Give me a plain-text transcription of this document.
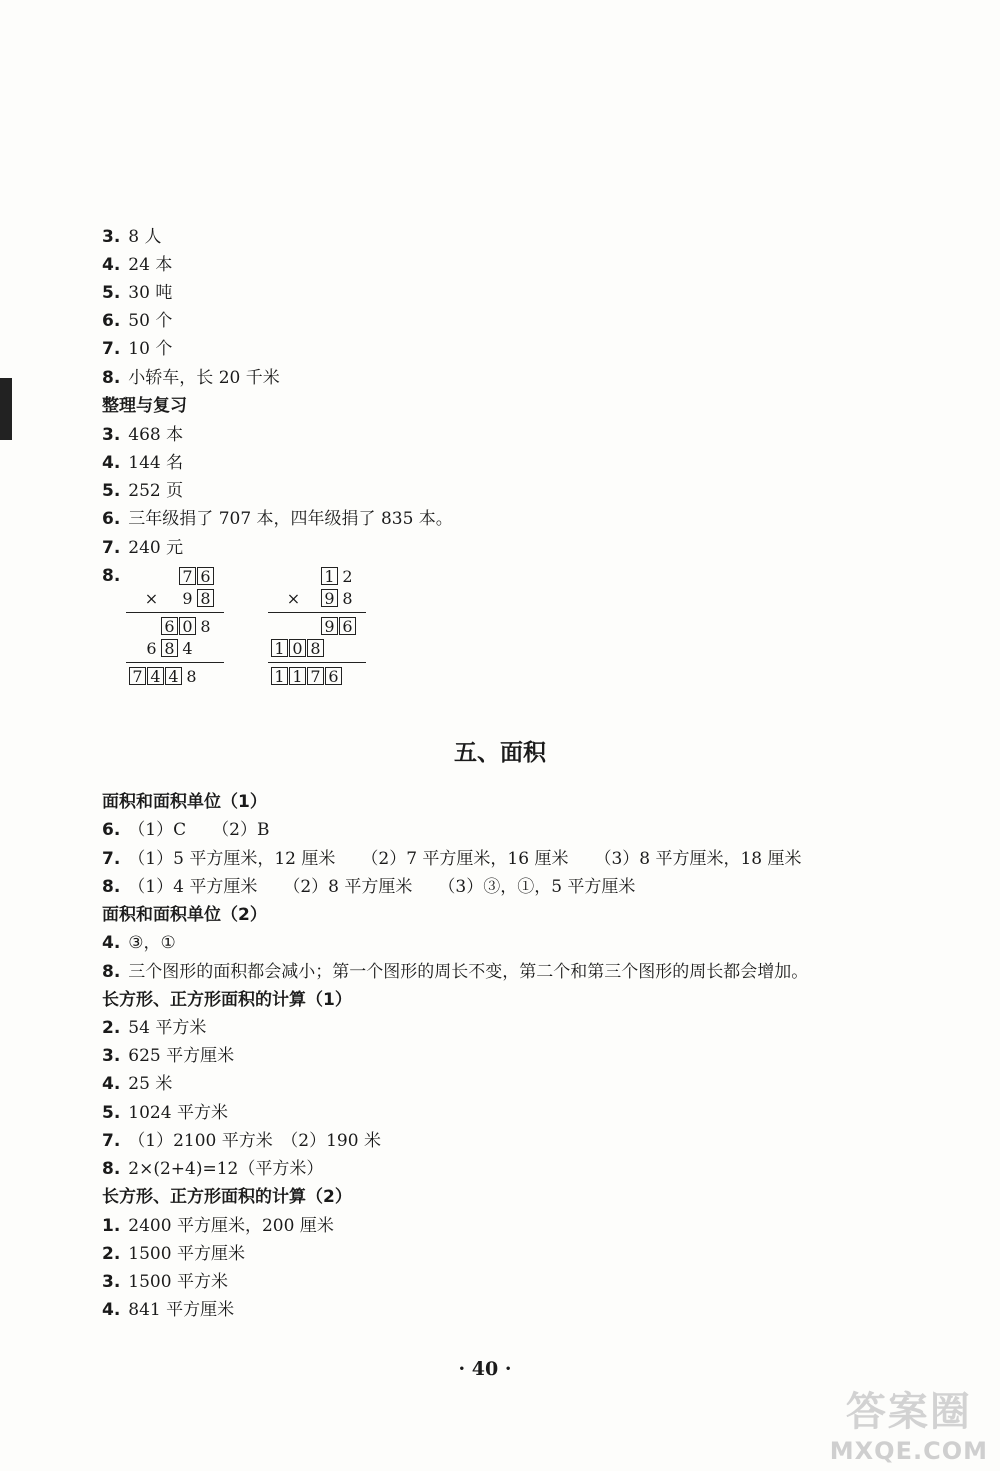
3. 8 人
4. 24 本
5. 30 吨
6. 50 个
7. 10 个
8. 小轿车，长 20 千米
整理与复习
3. 468 本
4. 144 名
5. 252 页
6. 三年级捐了 707 本，四年级捐了 835 本。
7. 240 元
8.	7 6
× 9 8
6 0 8
6 8 4
7 4 4 8
1 2
× 9 8
9 6
1 0 8
1 1 7 6
五、面积
面积和面积单位（1）
6. （1）C （2）B
7. （1）5 平方厘米，12 厘米 （2）7 平方厘米，16 厘米 （3）8 平方厘米，18 厘米
8. （1）4 平方厘米 （2）8 平方厘米 （3）③，①，5 平方厘米
面积和面积单位（2）
4. ③，①
8. 三个图形的面积都会减小；第一个图形的周长不变，第二个和第三个图形的周长都会增加。
长方形、正方形面积的计算（1）
2. 54 平方米
3. 625 平方厘米
4. 25 米
5. 1024 平方米
7. （1）2100 平方米　（2）190 米
8. 2×(2+4)=12（平方米）
长方形、正方形面积的计算（2）
1. 2400 平方厘米，200 厘米
2. 1500 平方厘米
3. 1500 平方米
4. 841 平方厘米
· 40 ·
答案圈
MXQE.COM
